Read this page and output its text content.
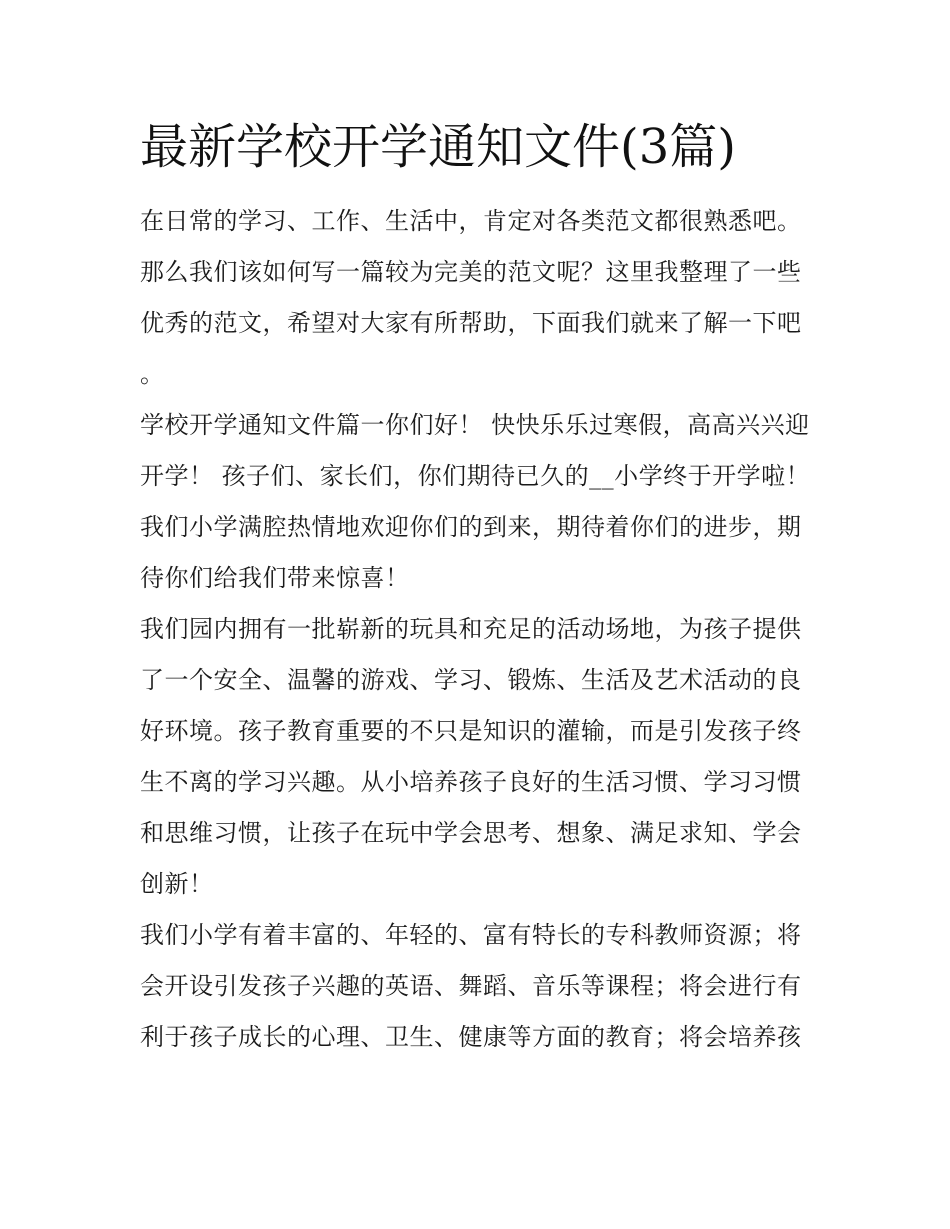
最新学校开学通知文件(3篇)

在日常的学习、工作、生活中，肯定对各类范文都很熟悉吧。那么我们该如何写一篇较为完美的范文呢？这里我整理了一些优秀的范文，希望对大家有所帮助，下面我们就来了解一下吧。

学校开学通知文件篇一你们好！ 快快乐乐过寒假，高高兴兴迎开学！ 孩子们、家长们，你们期待已久的__小学终于开学啦！

我们小学满腔热情地欢迎你们的到来，期待着你们的进步，期待你们给我们带来惊喜！

我们园内拥有一批崭新的玩具和充足的活动场地，为孩子提供了一个安全、温馨的游戏、学习、锻炼、生活及艺术活动的良好环境。孩子教育重要的不只是知识的灌输，而是引发孩子终生不离的学习兴趣。从小培养孩子良好的生活习惯、学习习惯和思维习惯，让孩子在玩中学会思考、想象、满足求知、学会创新！

我们小学有着丰富的、年轻的、富有特长的专科教师资源；将会开设引发孩子兴趣的英语、舞蹈、音乐等课程；将会进行有利于孩子成长的心理、卫生、健康等方面的教育；将会培养孩
